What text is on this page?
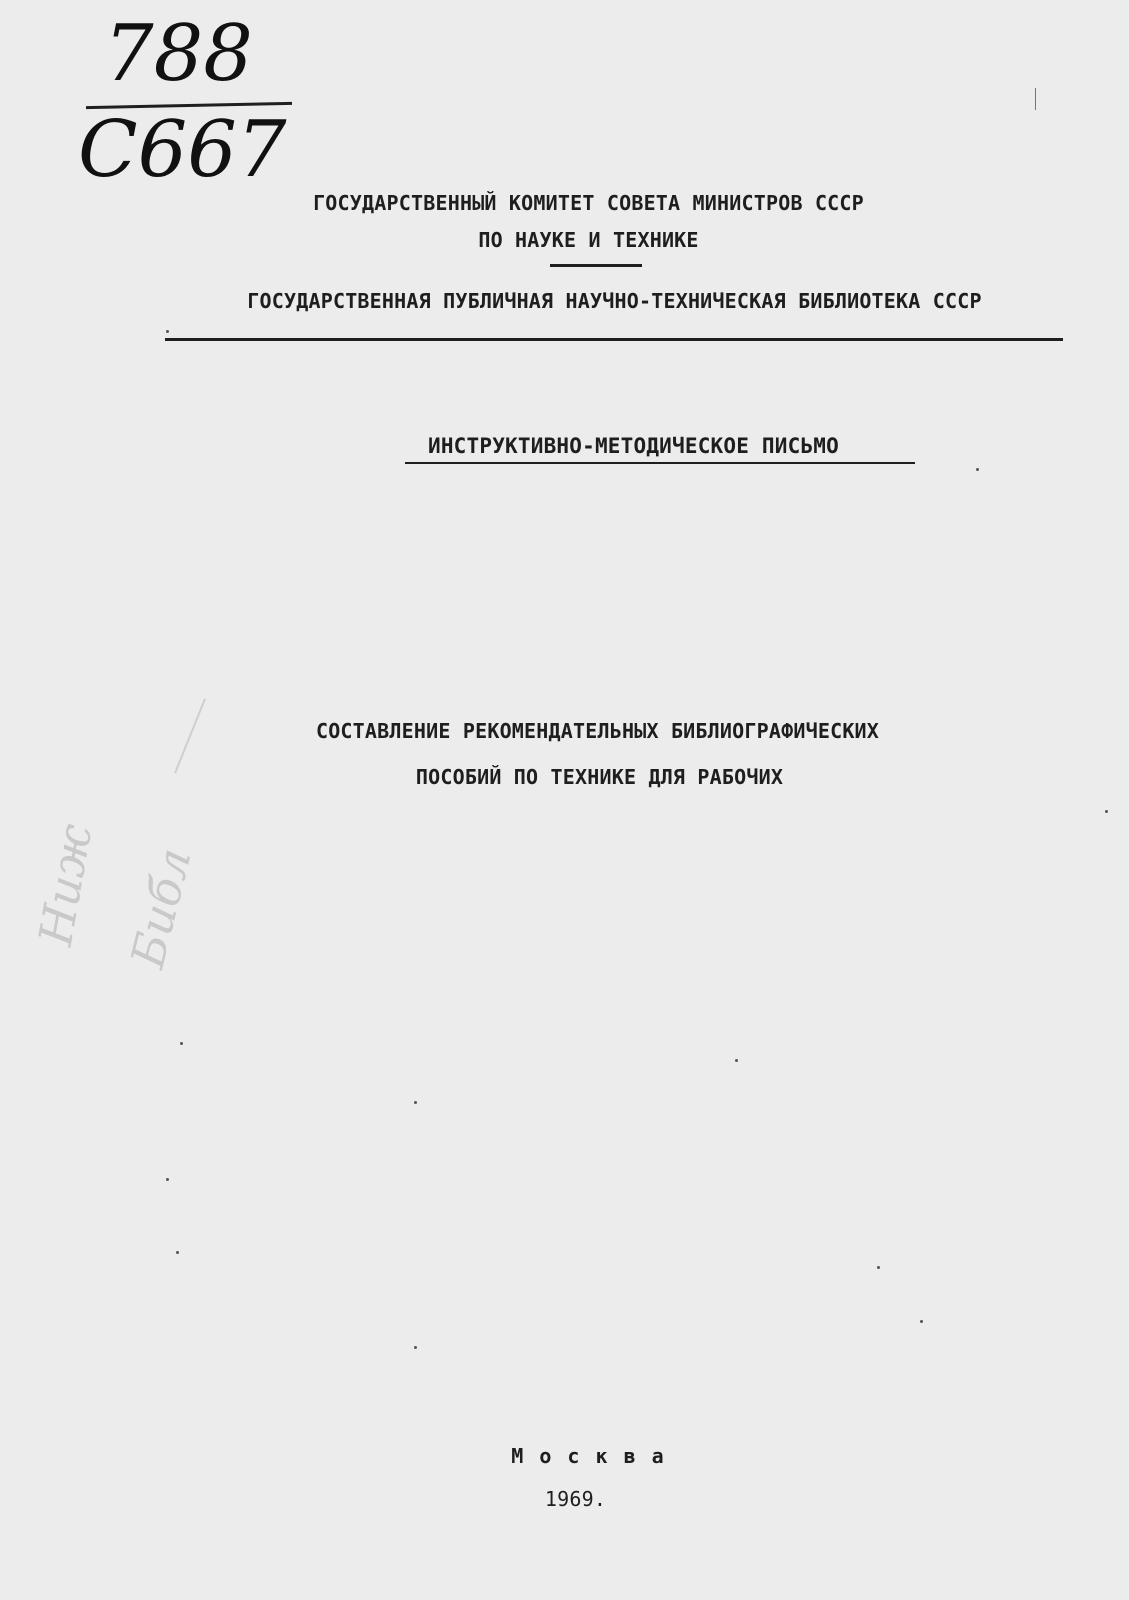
788
C667
ГОСУДАРСТВЕННЫЙ КОМИТЕТ СОВЕТА МИНИСТРОВ СССР
ПО НАУКЕ И ТЕХНИКЕ
ГОСУДАРСТВЕННАЯ ПУБЛИЧНАЯ НАУЧНО-ТЕХНИЧЕСКАЯ БИБЛИОТЕКА СССР
ИНСТРУКТИВНО-МЕТОДИЧЕСКОЕ ПИСЬМО
Ниж Библ
СОСТАВЛЕНИЕ РЕКОМЕНДАТЕЛЬНЫХ БИБЛИОГРАФИЧЕСКИХ
ПОСОБИЙ ПО ТЕХНИКЕ ДЛЯ РАБОЧИХ
М о с к в а
1969.
